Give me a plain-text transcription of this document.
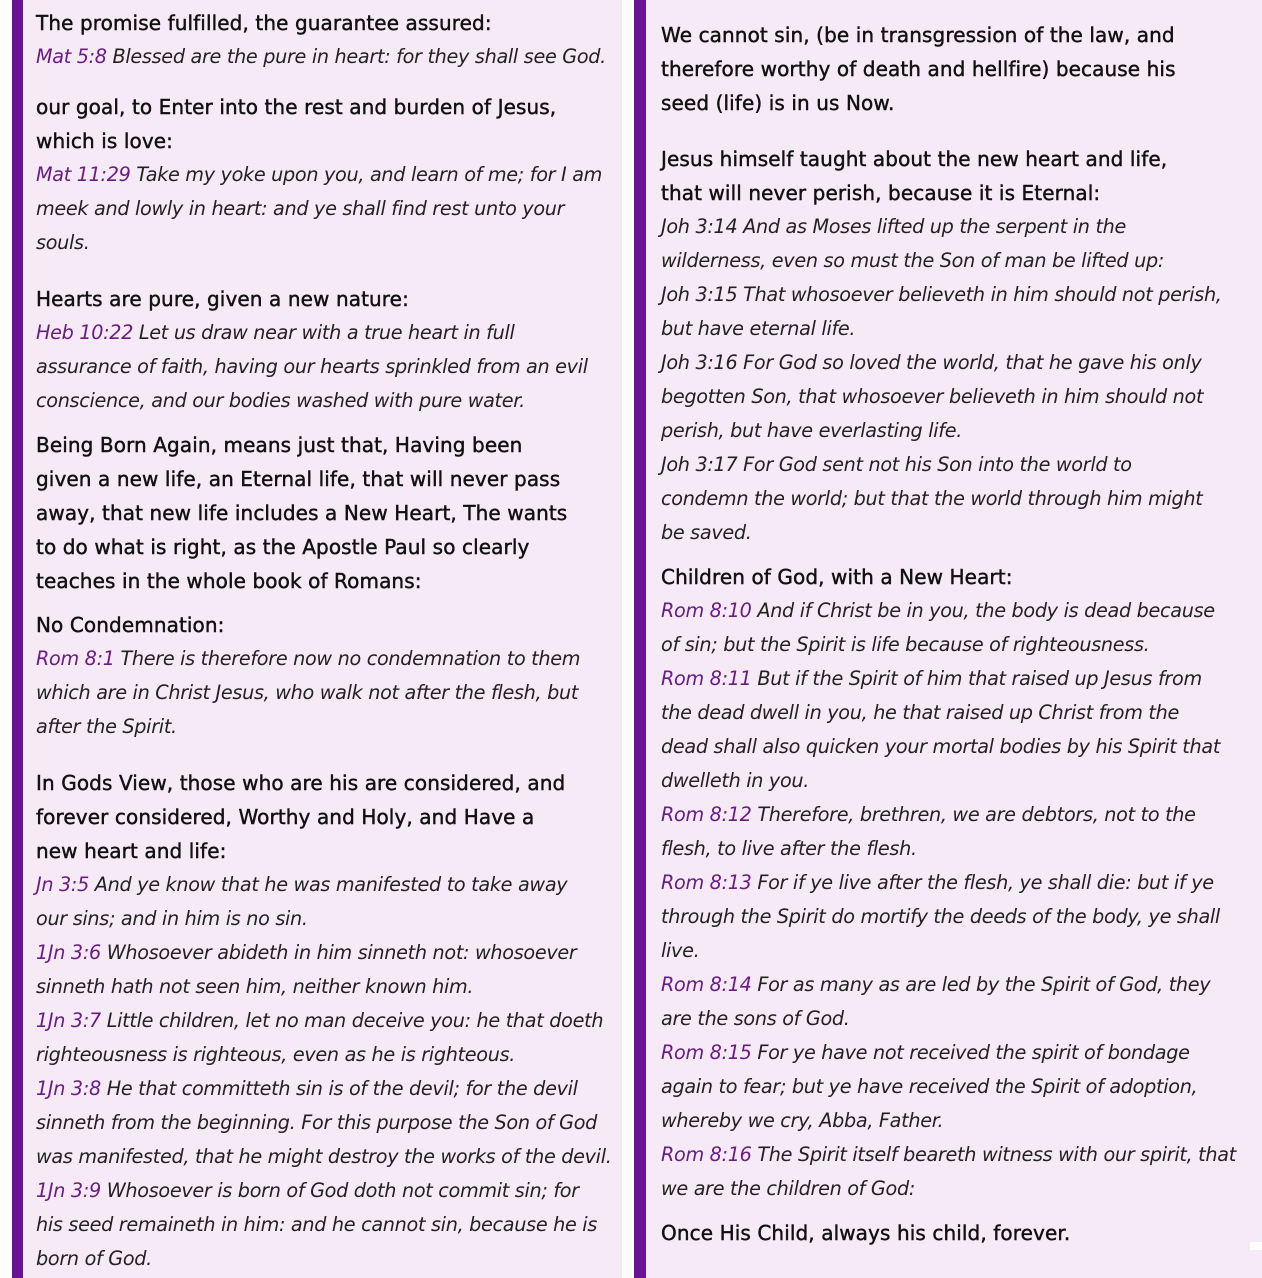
The promise fulfilled, the guarantee assured:

Mat 5:8 Blessed are the pure in heart: for they shall see God.

our goal, to Enter into the rest and burden of Jesus,

which is love:

Mat 11:29 Take my yoke upon you, and learn of me; for I am

meek and lowly in heart: and ye shall find rest unto your

souls.

Hearts are pure, given a new nature:

Heb 10:22 Let us draw near with a true heart in full

assurance of faith, having our hearts sprinkled from an evil

conscience, and our bodies washed with pure water.

Being Born Again, means just that, Having been

given a new life, an Eternal life, that will never pass

away, that new life includes a New Heart, The wants

to do what is right, as the Apostle Paul so clearly

teaches in the whole book of Romans:

No Condemnation:

Rom 8:1 There is therefore now no condemnation to them

which are in Christ Jesus, who walk not after the flesh, but

after the Spirit.

In Gods View, those who are his are considered, and

forever considered, Worthy and Holy, and Have a

new heart and life:

Jn 3:5 And ye know that he was manifested to take away

our sins; and in him is no sin.

1Jn 3:6 Whosoever abideth in him sinneth not: whosoever

sinneth hath not seen him, neither known him.

1Jn 3:7 Little children, let no man deceive you: he that doeth

righteousness is righteous, even as he is righteous.

1Jn 3:8 He that committeth sin is of the devil; for the devil

sinneth from the beginning. For this purpose the Son of God

was manifested, that he might destroy the works of the devil.

1Jn 3:9 Whosoever is born of God doth not commit sin; for

his seed remaineth in him: and he cannot sin, because he is

born of God.

We cannot sin, (be in transgression of the law, and

therefore worthy of death and hellfire) because his

seed (life) is in us Now.

Jesus himself taught about the new heart and life,

that will never perish, because it is Eternal:

Joh 3:14 And as Moses lifted up the serpent in the

wilderness, even so must the Son of man be lifted up:

Joh 3:15 That whosoever believeth in him should not perish,

but have eternal life.

Joh 3:16 For God so loved the world, that he gave his only

begotten Son, that whosoever believeth in him should not

perish, but have everlasting life.

Joh 3:17 For God sent not his Son into the world to

condemn the world; but that the world through him might

be saved.

Children of God, with a New Heart:

Rom 8:10 And if Christ be in you, the body is dead because

of sin; but the Spirit is life because of righteousness.

Rom 8:11 But if the Spirit of him that raised up Jesus from

the dead dwell in you, he that raised up Christ from the

dead shall also quicken your mortal bodies by his Spirit that

dwelleth in you.

Rom 8:12 Therefore, brethren, we are debtors, not to the

flesh, to live after the flesh.

Rom 8:13 For if ye live after the flesh, ye shall die: but if ye

through the Spirit do mortify the deeds of the body, ye shall

live.

Rom 8:14 For as many as are led by the Spirit of God, they

are the sons of God.

Rom 8:15 For ye have not received the spirit of bondage

again to fear; but ye have received the Spirit of adoption,

whereby we cry, Abba, Father.

Rom 8:16 The Spirit itself beareth witness with our spirit, that

we are the children of God:

Once His Child, always his child, forever.
